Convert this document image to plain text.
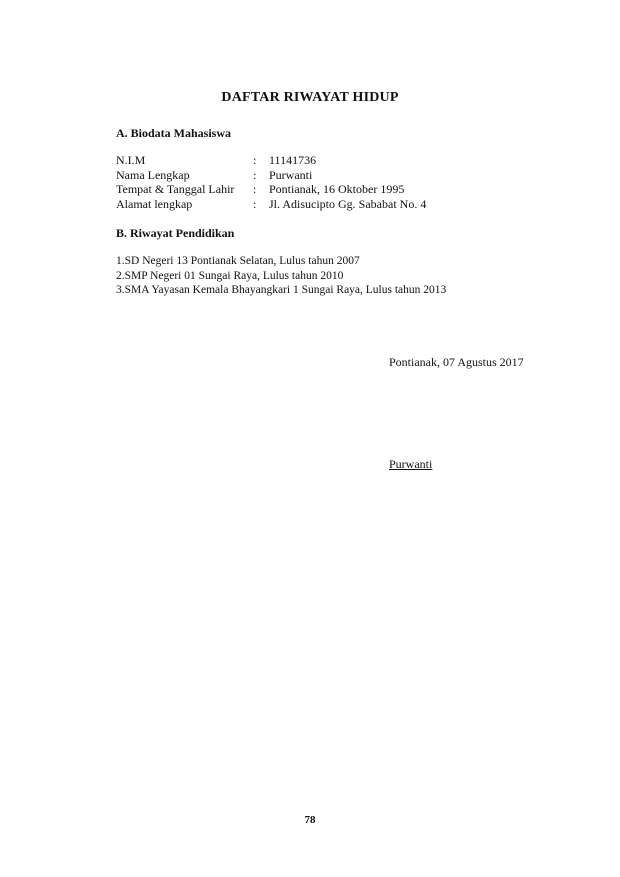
DAFTAR RIWAYAT HIDUP
A. Biodata Mahasiswa
N.I.M	:	11141736
Nama Lengkap	:	Purwanti
Tempat & Tanggal Lahir	:	Pontianak, 16 Oktober 1995
Alamat lengkap	:	Jl. Adisucipto Gg. Sababat No. 4
B. Riwayat Pendidikan
1.SD Negeri 13 Pontianak Selatan, Lulus tahun 2007
2.SMP Negeri 01 Sungai Raya, Lulus tahun 2010
3.SMA Yayasan Kemala Bhayangkari 1 Sungai Raya, Lulus tahun 2013
Pontianak, 07 Agustus 2017
Purwanti
78
